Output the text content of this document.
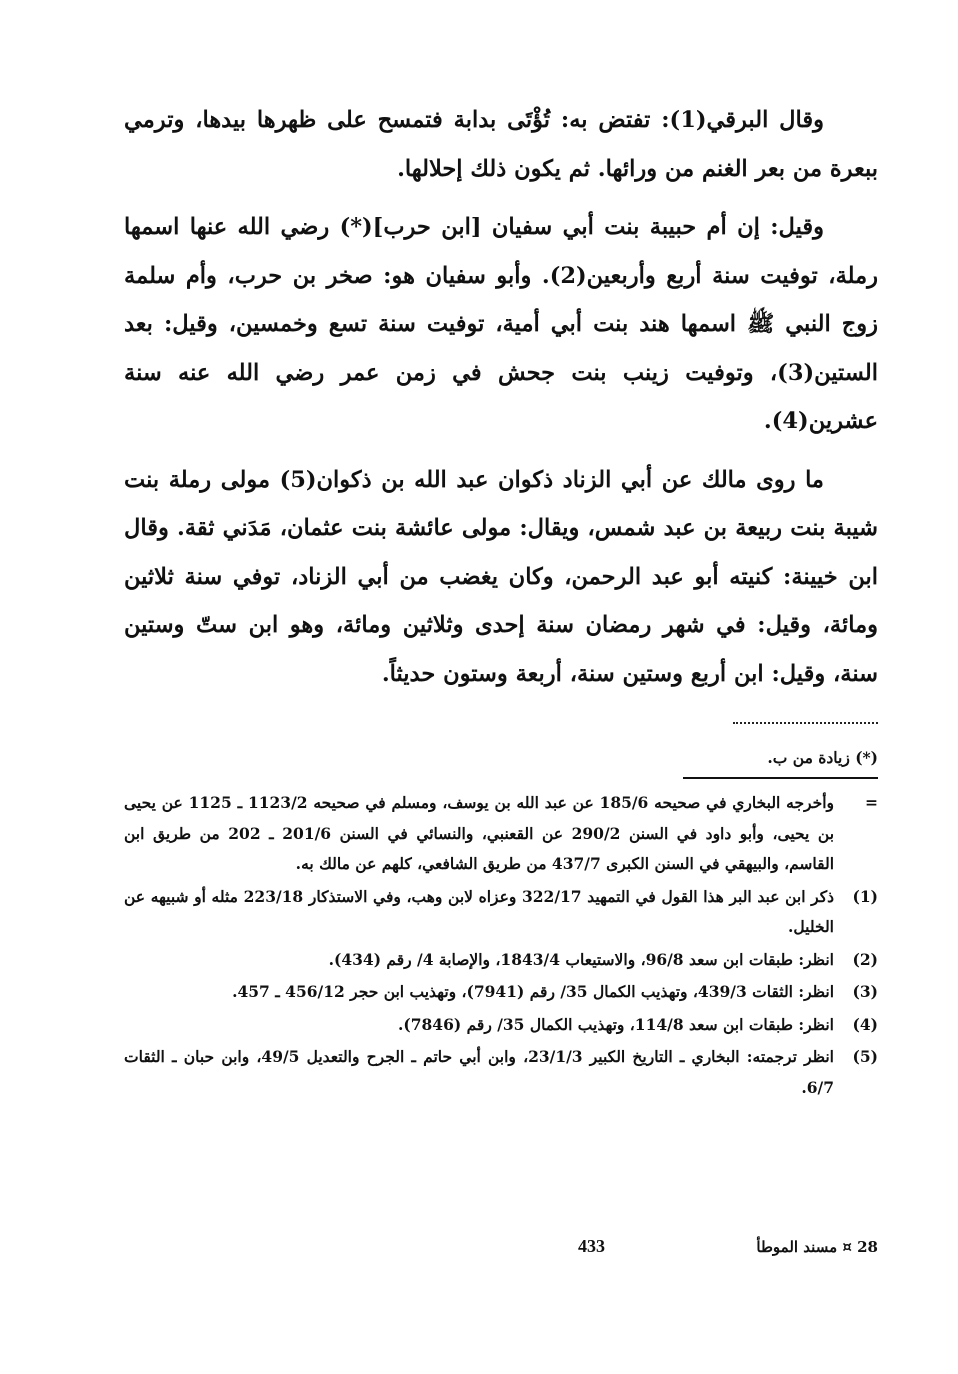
وقال البرقي(1): تفتض به: تُؤْتَى بدابة فتمسح على ظهرها بيدها، وترمي ببعرة من بعر الغنم من ورائها. ثم يكون ذلك إحلالها.

وقيل: إن أم حبيبة بنت أبي سفيان [ابن حرب](*) رضي الله عنها اسمها رملة، توفيت سنة أربع وأربعين(2). وأبو سفيان هو: صخر بن حرب، وأم سلمة زوج النبي ﷺ اسمها هند بنت أبي أمية، توفيت سنة تسع وخمسين، وقيل: بعد الستين(3)، وتوفيت زينب بنت جحش في زمن عمر رضي الله عنه سنة عشرين(4).

ما روى مالك عن أبي الزناد ذكوان عبد الله بن ذكوان(5) مولى رملة بنت شيبة بنت ربيعة بن عبد شمس، ويقال: مولى عائشة بنت عثمان، مَدَني ثقة. وقال ابن خيينة: كنيته أبو عبد الرحمن، وكان يغضب من أبي الزناد، توفي سنة ثلاثين ومائة، وقيل: في شهر رمضان سنة إحدى وثلاثين ومائة، وهو ابن ستّ وستين سنة، وقيل: ابن أربع وستين سنة، أربعة وستون حديثاً.

(*) زيادة من ب.
=
وأخرجه البخاري في صحيحه 185/6 عن عبد الله بن يوسف، ومسلم في صحيحه 1123/2 ـ 1125 عن يحيى بن يحيى، وأبو داود في السنن 290/2 عن القعنبي، والنسائي في السنن 201/6 ـ 202 من طريق ابن القاسم، والبيهقي في السنن الكبرى 437/7 من طريق الشافعي، كلهم عن مالك به.
(1)
ذكر ابن عبد البر هذا القول في التمهيد 322/17 وعزاه لابن وهب، وفي الاستذكار 223/18 مثله أو شبيهه عن الخليل.
(2)
انظر: طبقات ابن سعد 96/8، والاستيعاب 1843/4، والإصابة 4/ رقم (434).
(3)
انظر: الثقات 439/3، وتهذيب الكمال 35/ رقم (7941)، وتهذيب ابن حجر 456/12 ـ 457.
(4)
انظر: طبقات ابن سعد 114/8، وتهذيب الكمال 35/ رقم (7846).
(5)
انظر ترجمته: البخاري ـ التاريخ الكبير 23/1/3، وابن أبي حاتم ـ الجرح والتعديل 49/5، وابن حبان ـ الثقات 6/7.
433	28 ¤ مسند الموطأ
